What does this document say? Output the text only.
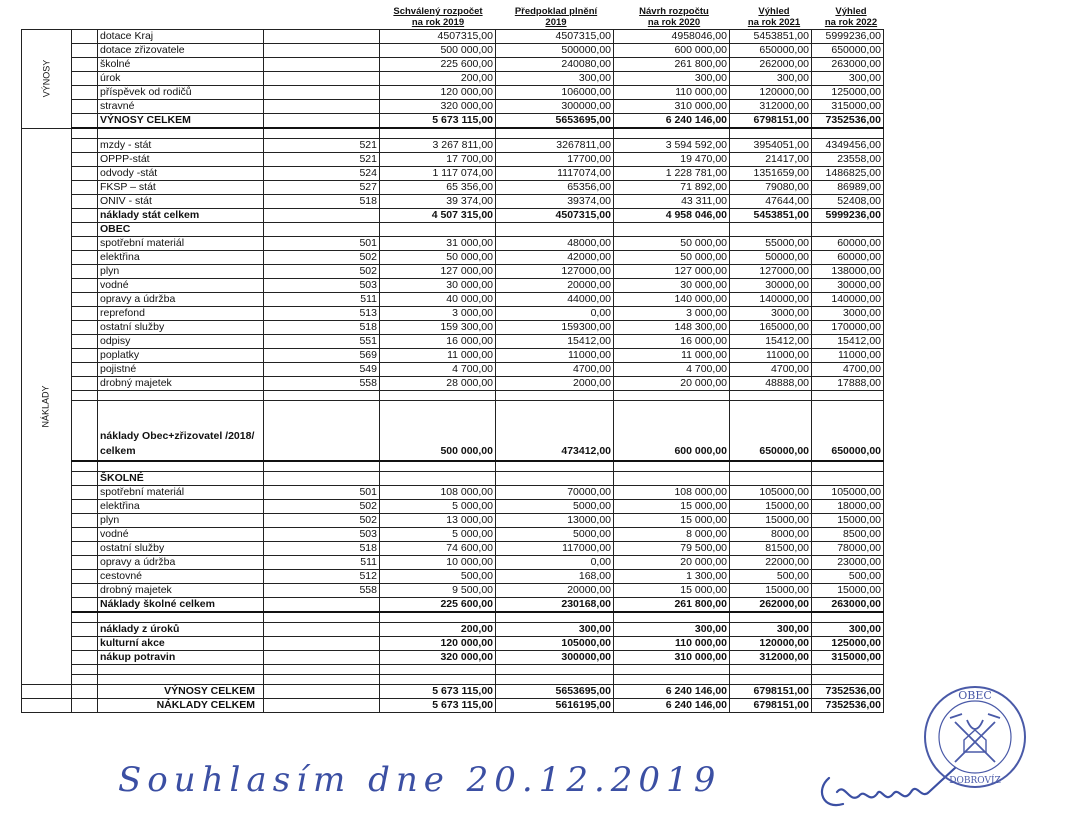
Schválený rozpočet
na rok 2019
Předpoklad plnění
2019
Návrh rozpočtu
na rok 2020
Výhled
na rok 2021
Výhled
na rok 2022
VÝNOSY		dotace Kraj		4507315,00	4507315,00	4958046,00	5453851,00	5999236,00
		dotace zřizovatele		500 000,00	500000,00	600 000,00	650000,00	650000,00
		školné		225 600,00	240080,00	261 800,00	262000,00	263000,00
		úrok		200,00	300,00	300,00	300,00	300,00
		příspěvek od rodičů		120 000,00	106000,00	110 000,00	120000,00	125000,00
		stravné		320 000,00	300000,00	310 000,00	312000,00	315000,00
		VÝNOSY CELKEM		5 673 115,00	5653695,00	6 240 146,00	6798151,00	7352536,00
NÁKLADY								
		mzdy - stát	521	3 267 811,00	3267811,00	3 594 592,00	3954051,00	4349456,00
		OPPP-stát	521	17 700,00	17700,00	19 470,00	21417,00	23558,00
		odvody -stát	524	1 117 074,00	1117074,00	1 228 781,00	1351659,00	1486825,00
		FKSP – stát	527	65 356,00	65356,00	71 892,00	79080,00	86989,00
		ONIV - stát	518	39 374,00	39374,00	43 311,00	47644,00	52408,00
		náklady stát celkem		4 507 315,00	4507315,00	4 958 046,00	5453851,00	5999236,00
		OBEC						
		spotřební materiál	501	31 000,00	48000,00	50 000,00	55000,00	60000,00
		elektřina	502	50 000,00	42000,00	50 000,00	50000,00	60000,00
		plyn	502	127 000,00	127000,00	127 000,00	127000,00	138000,00
		vodné	503	30 000,00	20000,00	30 000,00	30000,00	30000,00
		opravy a údržba	511	40 000,00	44000,00	140 000,00	140000,00	140000,00
		reprefond	513	3 000,00	0,00	3 000,00	3000,00	3000,00
		ostatní služby	518	159 300,00	159300,00	148 300,00	165000,00	170000,00
		odpisy	551	16 000,00	15412,00	16 000,00	15412,00	15412,00
		poplatky	569	11 000,00	11000,00	11 000,00	11000,00	11000,00
		pojistné	549	4 700,00	4700,00	4 700,00	4700,00	4700,00
		drobný majetek	558	28 000,00	2000,00	20 000,00	48888,00	17888,00

		náklady Obec+zřizovatel /2018/ celkem		500 000,00	473412,00	600 000,00	650000,00	650000,00

		ŠKOLNÉ						
		spotřební materiál	501	108 000,00	70000,00	108 000,00	105000,00	105000,00
		elektřina	502	5 000,00	5000,00	15 000,00	15000,00	18000,00
		plyn	502	13 000,00	13000,00	15 000,00	15000,00	15000,00
		vodné	503	5 000,00	5000,00	8 000,00	8000,00	8500,00
		ostatní služby	518	74 600,00	117000,00	79 500,00	81500,00	78000,00
		opravy a údržba	511	10 000,00	0,00	20 000,00	22000,00	23000,00
		cestovné	512	500,00	168,00	1 300,00	500,00	500,00
		drobný majetek	558	9 500,00	20000,00	15 000,00	15000,00	15000,00
		Náklady školné celkem		225 600,00	230168,00	261 800,00	262000,00	263000,00

		náklady z úroků		200,00	300,00	300,00	300,00	300,00
		kulturní akce		120 000,00	105000,00	110 000,00	120000,00	125000,00
		nákup potravin		320 000,00	300000,00	310 000,00	312000,00	315000,00

		VÝNOSY CELKEM		5 673 115,00	5653695,00	6 240 146,00	6798151,00	7352536,00
		NÁKLADY CELKEM		5 673 115,00	5616195,00	6 240 146,00	6798151,00	7352536,00
Souhlasím dne 20.12.2019
OBEC
DOBROVÍZ
